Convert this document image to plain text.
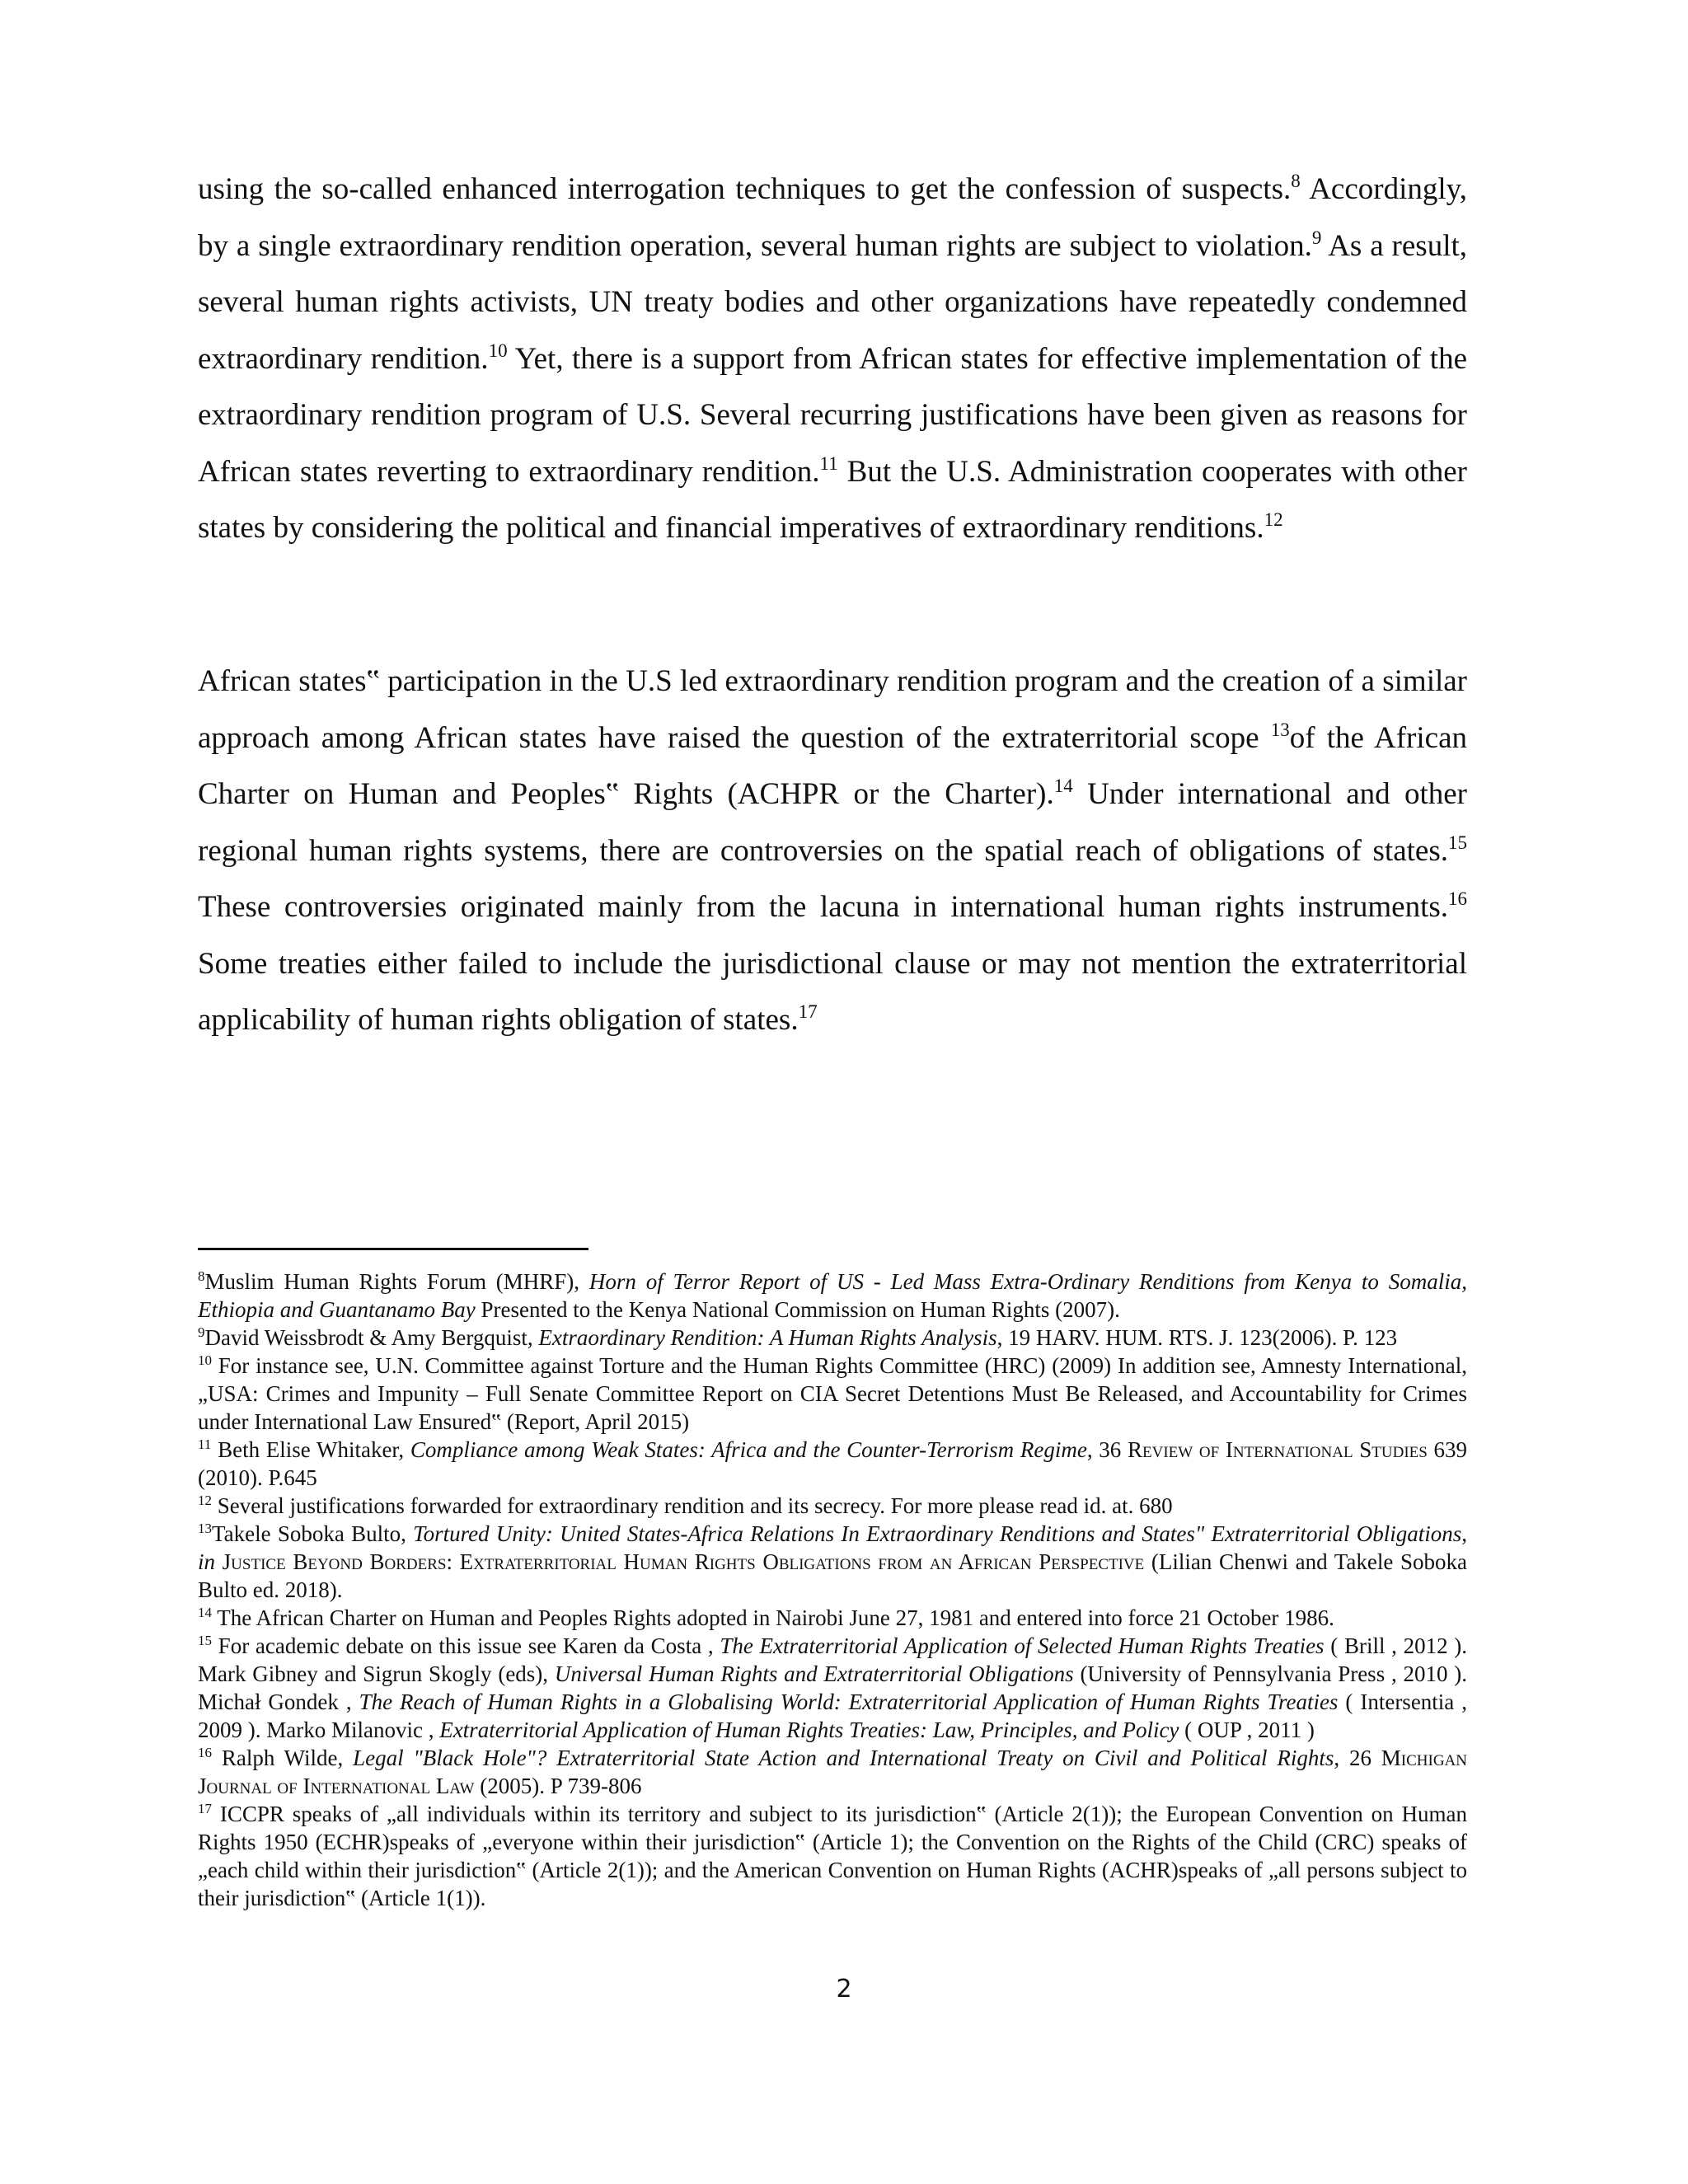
using the so-called enhanced interrogation techniques to get the confession of suspects.$^8$ Accordingly, by a single extraordinary rendition operation, several human rights are subject to violation.$^9$ As a result, several human rights activists, UN treaty bodies and other organizations have repeatedly condemned extraordinary rendition.$^{10}$ Yet, there is a support from African states for effective implementation of the extraordinary rendition program of U.S. Several recurring justifications have been given as reasons for African states reverting to extraordinary rendition.$^{11}$ But the U.S. Administration cooperates with other states by considering the political and financial imperatives of extraordinary renditions.$^{12}$

African states‟ participation in the U.S led extraordinary rendition program and the creation of a similar approach among African states have raised the question of the extraterritorial scope $^{13}$of the African Charter on Human and Peoples‟ Rights (ACHPR or the Charter).$^{14}$ Under international and other regional human rights systems, there are controversies on the spatial reach of obligations of states.$^{15}$ These controversies originated mainly from the lacuna in international human rights instruments.$^{16}$ Some treaties either failed to include the jurisdictional clause or may not mention the extraterritorial applicability of human rights obligation of states.$^{17}$

$^8$Muslim Human Rights Forum (MHRF), Horn of Terror Report of US - Led Mass Extra-Ordinary Renditions from Kenya to Somalia, Ethiopia and Guantanamo Bay Presented to the Kenya National Commission on Human Rights (2007).

$^9$David Weissbrodt & Amy Bergquist, Extraordinary Rendition: A Human Rights Analysis, 19 HARV. HUM. RTS. J. 123(2006). P. 123

$^{10}$ For instance see, U.N. Committee against Torture and the Human Rights Committee (HRC) (2009) In addition see, Amnesty International, „USA: Crimes and Impunity – Full Senate Committee Report on CIA Secret Detentions Must Be Released, and Accountability for Crimes under International Law Ensured‟ (Report, April 2015)

$^{11}$ Beth Elise Whitaker, Compliance among Weak States: Africa and the Counter-Terrorism Regime, 36 Review of International Studies 639 (2010). P.645

$^{12}$ Several justifications forwarded for extraordinary rendition and its secrecy. For more please read id. at. 680

$^{13}$Takele Soboka Bulto, Tortured Unity: United States-Africa Relations In Extraordinary Renditions and States" Extraterritorial Obligations, in Justice Beyond Borders: Extraterritorial Human Rights Obligations from an African Perspective (Lilian Chenwi and Takele Soboka Bulto ed. 2018).

$^{14}$ The African Charter on Human and Peoples Rights adopted in Nairobi June 27, 1981 and entered into force 21 October 1986.

$^{15}$ For academic debate on this issue see Karen da Costa , The Extraterritorial Application of Selected Human Rights Treaties ( Brill , 2012 ). Mark Gibney and Sigrun Skogly (eds), Universal Human Rights and Extraterritorial Obligations (University of Pennsylvania Press , 2010 ). Michał Gondek , The Reach of Human Rights in a Globalising World: Extraterritorial Application of Human Rights Treaties ( Intersentia , 2009 ). Marko Milanovic , Extraterritorial Application of Human Rights Treaties: Law, Principles, and Policy ( OUP , 2011 )

$^{16}$ Ralph Wilde, Legal "Black Hole"? Extraterritorial State Action and International Treaty on Civil and Political Rights, 26 Michigan Journal of International Law (2005). P 739-806

$^{17}$ ICCPR speaks of „all individuals within its territory and subject to its jurisdiction‟ (Article 2(1)); the European Convention on Human Rights 1950 (ECHR)speaks of „everyone within their jurisdiction‟ (Article 1); the Convention on the Rights of the Child (CRC) speaks of „each child within their jurisdiction‟ (Article 2(1)); and the American Convention on Human Rights (ACHR)speaks of „all persons subject to their jurisdiction‟ (Article 1(1)).

2
